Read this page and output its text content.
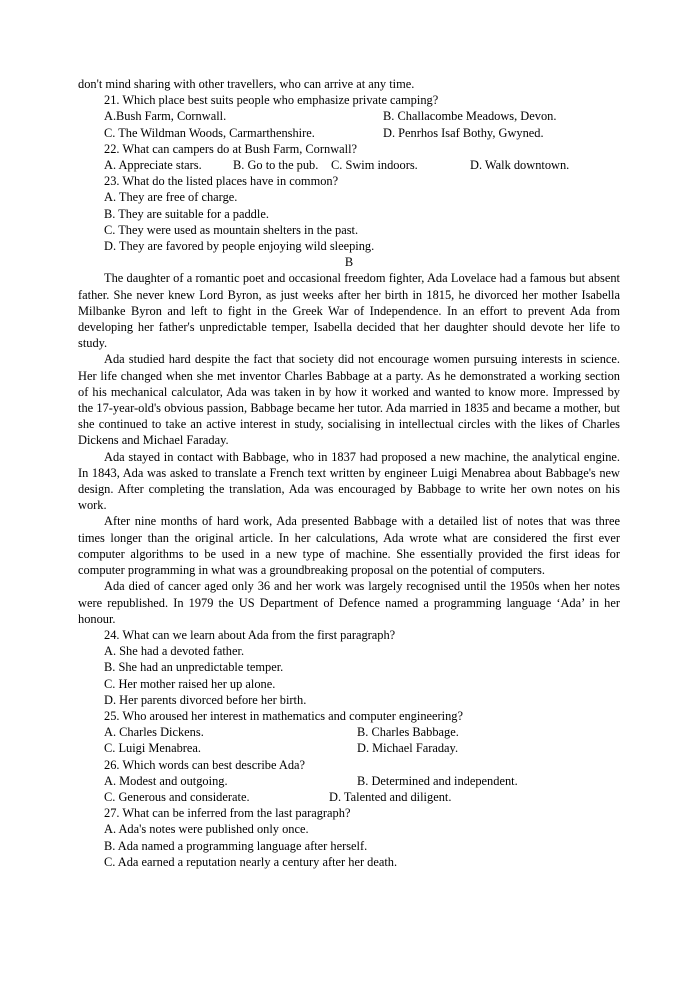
don't mind sharing with other travellers, who can arrive at any time.
21. Which place best suits people who emphasize private camping?
A.Bush Farm, Cornwall.	B. Challacombe Meadows, Devon.
C. The Wildman Woods, Carmarthenshire.	D. Penrhos Isaf Bothy, Gwyned.
22. What can campers do at Bush Farm, Cornwall?
A. Appreciate stars.	B. Go to the pub.	C. Swim indoors.	D. Walk downtown.
23. What do the listed places have in common?
A. They are free of charge.
B. They are suitable for a paddle.
C. They were used as mountain shelters in the past.
D. They are favored by people enjoying wild sleeping.
B

The daughter of a romantic poet and occasional freedom fighter, Ada Lovelace had a famous but absent father. She never knew Lord Byron, as just weeks after her birth in 1815, he divorced her mother Isabella Milbanke Byron and left to fight in the Greek War of Independence. In an effort to prevent Ada from developing her father's unpredictable temper, Isabella decided that her daughter should devote her life to study.

Ada studied hard despite the fact that society did not encourage women pursuing interests in science. Her life changed when she met inventor Charles Babbage at a party. As he demonstrated a working section of his mechanical calculator, Ada was taken in by how it worked and wanted to know more. Impressed by the 17-year-old's obvious passion, Babbage became her tutor. Ada married in 1835 and became a mother, but she continued to take an active interest in study, socialising in intellectual circles with the likes of Charles Dickens and Michael Faraday.

Ada stayed in contact with Babbage, who in 1837 had proposed a new machine, the analytical engine. In 1843, Ada was asked to translate a French text written by engineer Luigi Menabrea about Babbage's new design. After completing the translation, Ada was encouraged by Babbage to write her own notes on his work.

After nine months of hard work, Ada presented Babbage with a detailed list of notes that was three times longer than the original article. In her calculations, Ada wrote what are considered the first ever computer algorithms to be used in a new type of machine. She essentially provided the first ideas for computer programming in what was a groundbreaking proposal on the potential of computers.

Ada died of cancer aged only 36 and her work was largely recognised until the 1950s when her notes were republished. In 1979 the US Department of Defence named a programming language ‘Ada’ in her honour.

24. What can we learn about Ada from the first paragraph?
A. She had a devoted father.
B. She had an unpredictable temper.
C. Her mother raised her up alone.
D. Her parents divorced before her birth.
25. Who aroused her interest in mathematics and computer engineering?
A. Charles Dickens.	B. Charles Babbage.
C. Luigi Menabrea.	D. Michael Faraday.
26. Which words can best describe Ada?
A. Modest and outgoing.	B. Determined and independent.
C. Generous and considerate.	D. Talented and diligent.
27. What can be inferred from the last paragraph?
A. Ada's notes were published only once.
B. Ada named a programming language after herself.
C. Ada earned a reputation nearly a century after her death.
